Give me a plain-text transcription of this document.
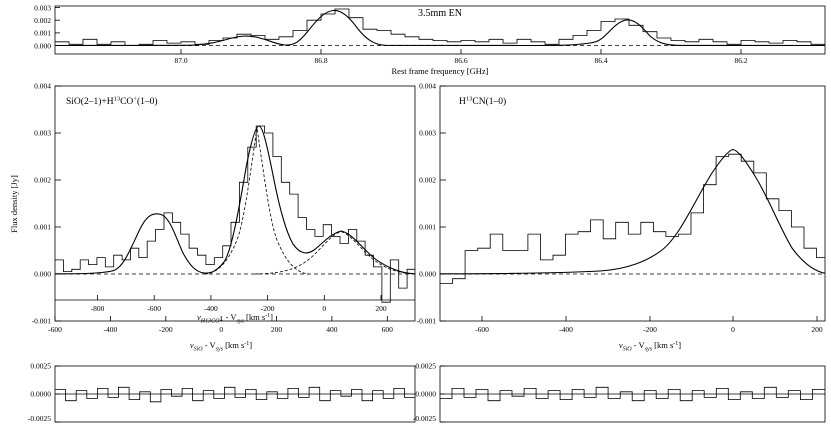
0.003
0.002
0.001
0.000
87.0	86.8	86.6	86.4	86.2
3.5mm EN
Rest frame frequency [GHz]
$SiO(2-1)+H^{13}CO^+(1-0)$
Flux density [Jy]
0.004
0.003
0.002
0.001
0.000
-0.001
-800	-600	-400	-200	0	200
$v_{H13CO+} - V_{sys}$ [km $s^{-1}$]
$H^{13}CN(1-0)$
0.004
0.003
0.002
0.001
0.000
-0.001
-600	-400	-200	0	200
$v_{SiO} - V_{sys}$ [km $s^{-1}$]
-600	-400	-200	0	200	400	600
$v_{SiO} - V_{sys}$ [km $s^{-1}$]
0.0025
0.0000
-0.0025
0.0025
0.0000
-0.0025
